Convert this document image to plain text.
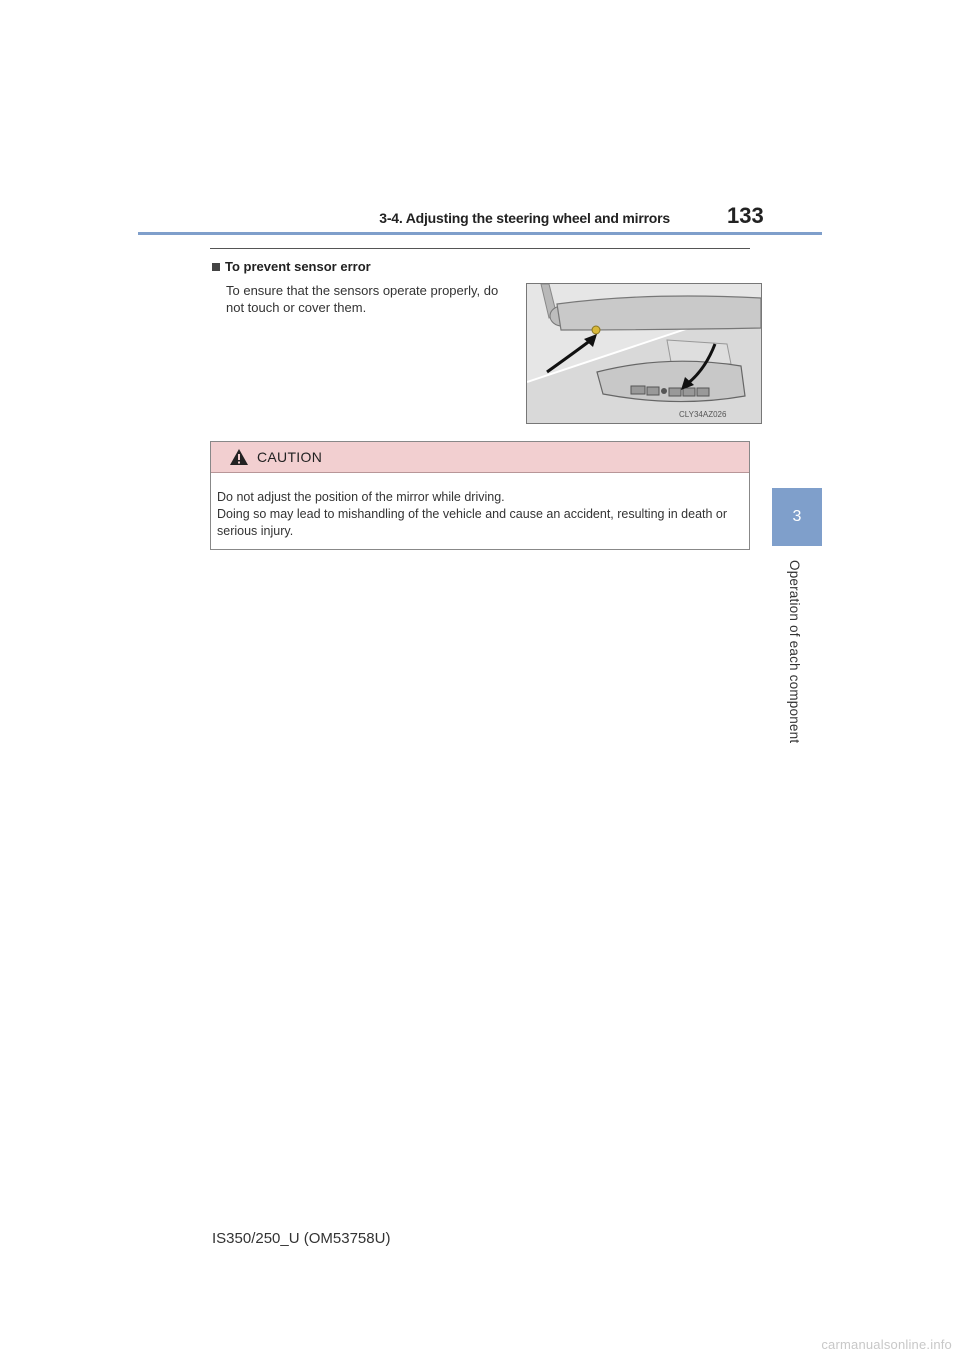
3-4. Adjusting the steering wheel and mirrors	133
3
Operation of each component
To prevent sensor error
To ensure that the sensors operate properly, do not touch or cover them.
CLY34AZ026
CAUTION
Do not adjust the position of the mirror while driving.
Doing so may lead to mishandling of the vehicle and cause an accident, resulting in death or serious injury.
IS350/250_U (OM53758U)
carmanualsonline.info
